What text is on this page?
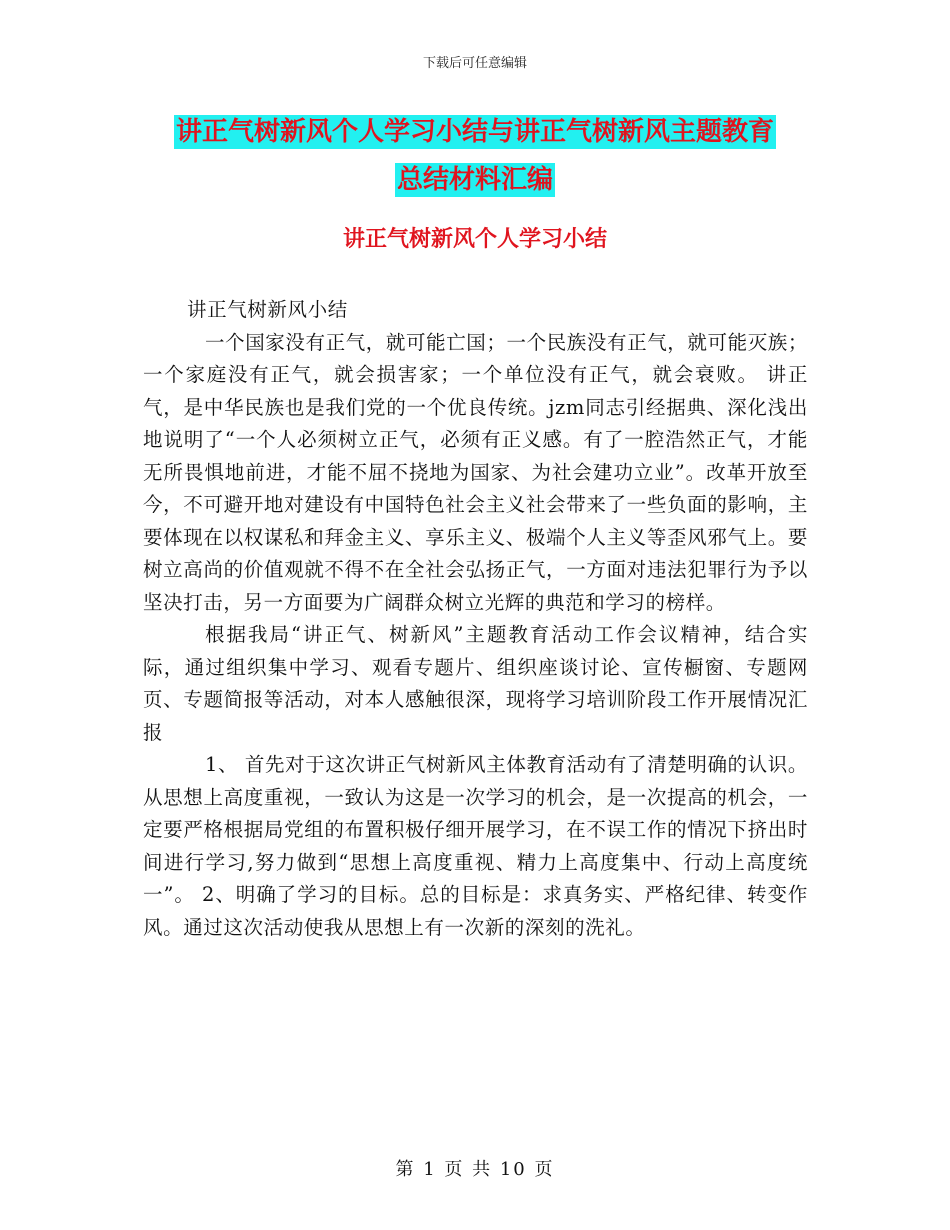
下载后可任意编辑
讲正气树新风个人学习小结与讲正气树新风主题教育
总结材料汇编
讲正气树新风个人学习小结

讲正气树新风小结

一个国家没有正气，就可能亡国；一个民族没有正气，就可能灭族；一个家庭没有正气，就会损害家；一个单位没有正气，就会衰败。 讲正气，是中华民族也是我们党的一个优良传统。jzm同志引经据典、深化浅出地说明了“一个人必须树立正气，必须有正义感。有了一腔浩然正气，才能无所畏惧地前进，才能不屈不挠地为国家、为社会建功立业”。改革开放至今，不可避开地对建设有中国特色社会主义社会带来了一些负面的影响，主要体现在以权谋私和拜金主义、享乐主义、极端个人主义等歪风邪气上。要树立高尚的价值观就不得不在全社会弘扬正气，一方面对违法犯罪行为予以坚决打击，另一方面要为广阔群众树立光辉的典范和学习的榜样。

根据我局“讲正气、树新风”主题教育活动工作会议精神，结合实际，通过组织集中学习、观看专题片、组织座谈讨论、宣传橱窗、专题网页、专题简报等活动，对本人感触很深，现将学习培训阶段工作开展情况汇报

1、 首先对于这次讲正气树新风主体教育活动有了清楚明确的认识。从思想上高度重视，一致认为这是一次学习的机会，是一次提高的机会，一定要严格根据局党组的布置积极仔细开展学习，在不误工作的情况下挤出时间进行学习,努力做到“思想上高度重视、精力上高度集中、行动上高度统一”。 2、明确了学习的目标。总的目标是：求真务实、严格纪律、转变作风。通过这次活动使我从思想上有一次新的深刻的洗礼。

第 1 页 共 10 页
